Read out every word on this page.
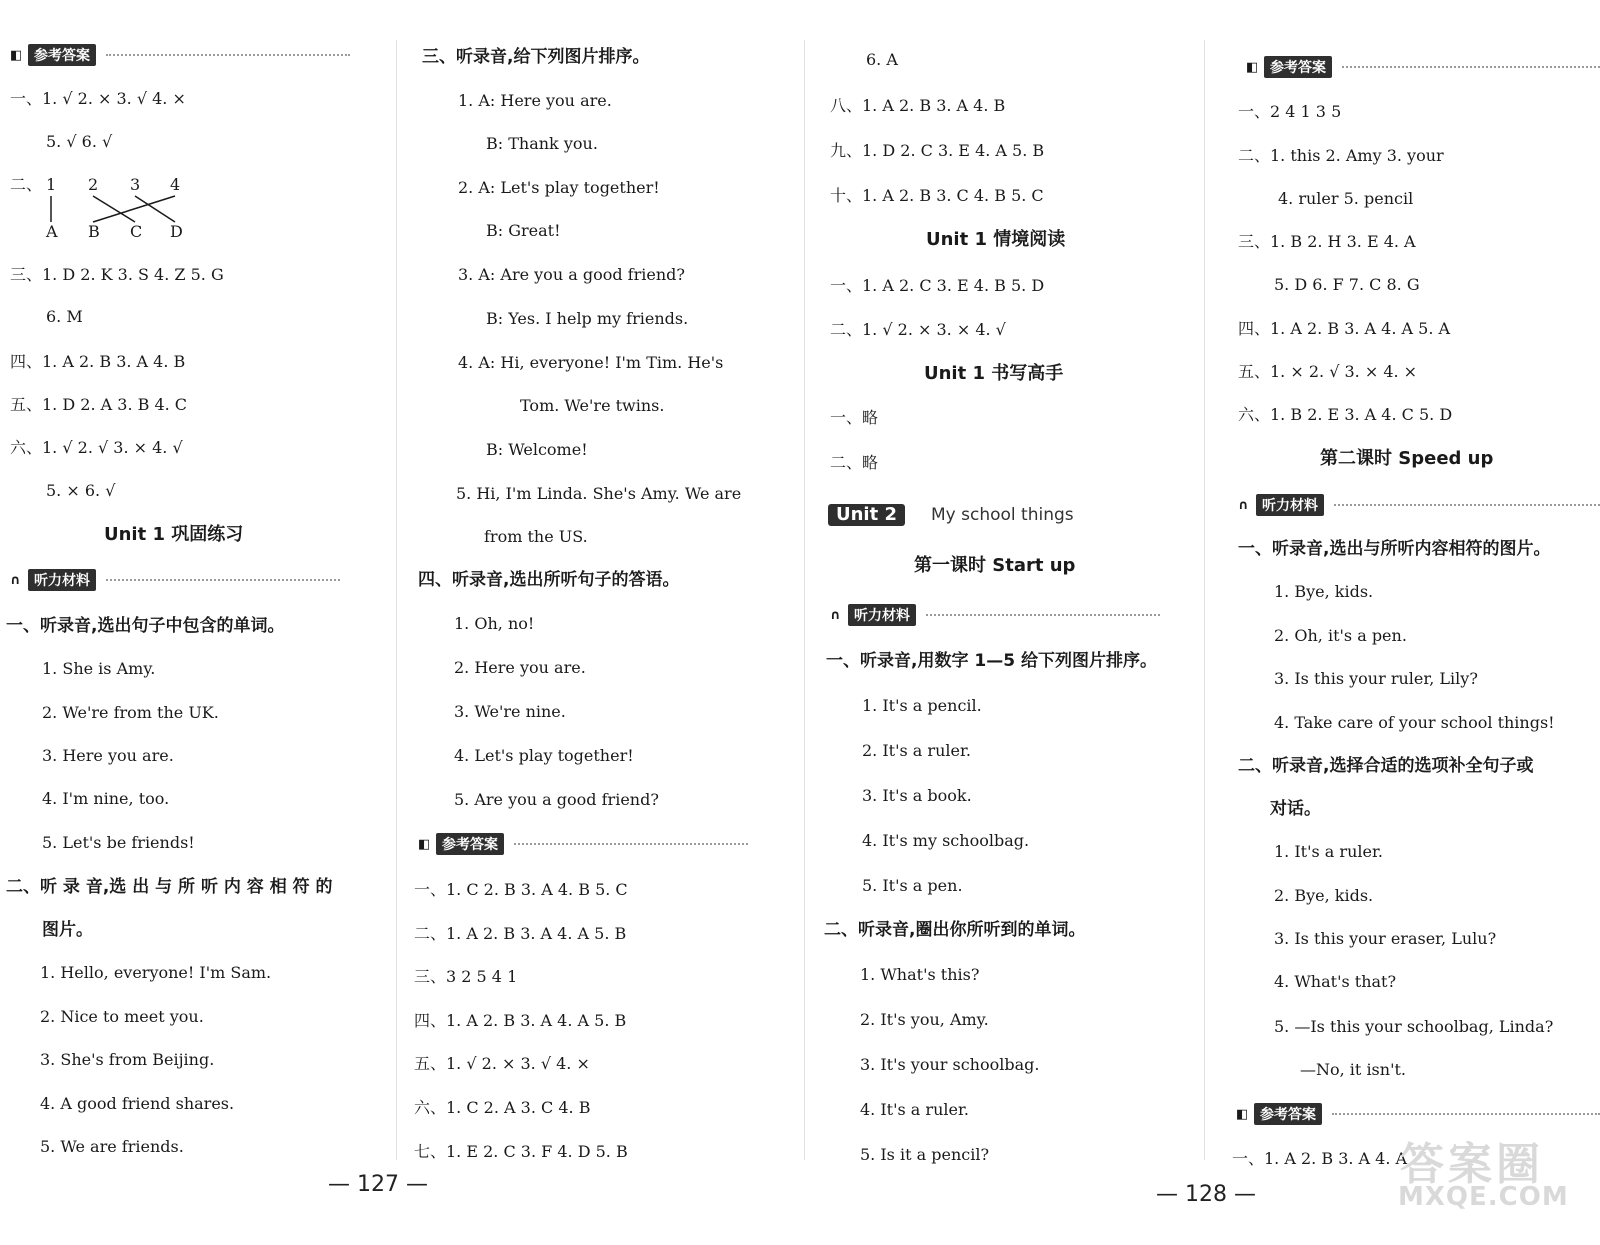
◧ 参考答案
一、1. √ 2. × 3. √ 4. ×
5. √ 6. √
二、 1 2 3 4
A B C D
三、1. D 2. K 3. S 4. Z 5. G
6. M
四、1. A 2. B 3. A 4. B
五、1. D 2. A 3. B 4. C
六、1. √ 2. √ 3. × 4. √
5. × 6. √
Unit 1 巩固练习
∩ 听力材料
一、听录音,选出句子中包含的单词。
1. She is Amy.
2. We're from the UK.
3. Here you are.
4. I'm nine, too.
5. Let's be friends!
二、听 录 音,选 出 与 所 听 内 容 相 符 的
图片。
1. Hello, everyone! I'm Sam.
2. Nice to meet you.
3. She's from Beijing.
4. A good friend shares.
5. We are friends.
三、听录音,给下列图片排序。
1. A: Here you are.
B: Thank you.
2. A: Let's play together!
B: Great!
3. A: Are you a good friend?
B: Yes. I help my friends.
4. A: Hi, everyone! I'm Tim. He's
Tom. We're twins.
B: Welcome!
5. Hi, I'm Linda. She's Amy. We are
from the US.
四、听录音,选出所听句子的答语。
1. Oh, no!
2. Here you are.
3. We're nine.
4. Let's play together!
5. Are you a good friend?
◧ 参考答案
一、1. C 2. B 3. A 4. B 5. C
二、1. A 2. B 3. A 4. A 5. B
三、3 2 5 4 1
四、1. A 2. B 3. A 4. A 5. B
五、1. √ 2. × 3. √ 4. ×
六、1. C 2. A 3. C 4. B
七、1. E 2. C 3. F 4. D 5. B
— 127 —
6. A
八、1. A 2. B 3. A 4. B
九、1. D 2. C 3. E 4. A 5. B
十、1. A 2. B 3. C 4. B 5. C
Unit 1 情境阅读
一、1. A 2. C 3. E 4. B 5. D
二、1. √ 2. × 3. × 4. √
Unit 1 书写高手
一、略
二、略
Unit 2 My school things
第一课时 Start up
∩ 听力材料
一、听录音,用数字 1—5 给下列图片排序。
1. It's a pencil.
2. It's a ruler.
3. It's a book.
4. It's my schoolbag.
5. It's a pen.
二、听录音,圈出你所听到的单词。
1. What's this?
2. It's you, Amy.
3. It's your schoolbag.
4. It's a ruler.
5. Is it a pencil?
◧ 参考答案
一、2 4 1 3 5
二、1. this 2. Amy 3. your
4. ruler 5. pencil
三、1. B 2. H 3. E 4. A
5. D 6. F 7. C 8. G
四、1. A 2. B 3. A 4. A 5. A
五、1. × 2. √ 3. × 4. ×
六、1. B 2. E 3. A 4. C 5. D
第二课时 Speed up
∩ 听力材料
一、听录音,选出与所听内容相符的图片。
1. Bye, kids.
2. Oh, it's a pen.
3. Is this your ruler, Lily?
4. Take care of your school things!
二、听录音,选择合适的选项补全句子或
对话。
1. It's a ruler.
2. Bye, kids.
3. Is this your eraser, Lulu?
4. What's that?
5. —Is this your schoolbag, Linda?
—No, it isn't.
◧ 参考答案
一、1. A 2. B 3. A 4. A
— 128 —
答案圈
MXQE.COM
